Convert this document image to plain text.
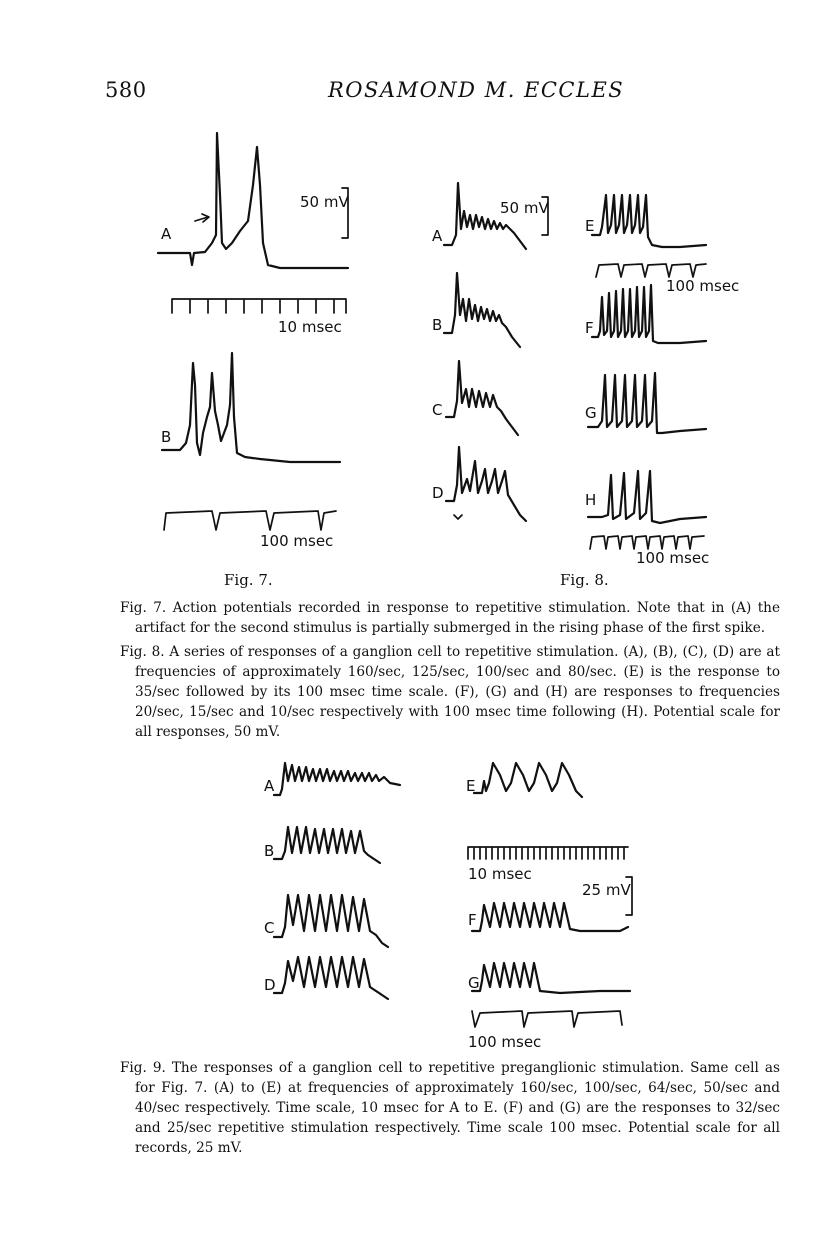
580	ROSAMOND M. ECCLES
A
50 mV
10 msec
B
100 msec
A
50 mV
B
C
D
E
100 msec
F
G
H
100 msec
Fig. 7.	Fig. 8.
Fig. 7. Action potentials recorded in response to repetitive stimulation. Note that in (A) the artifact for the second stimulus is partially submerged in the rising phase of the first spike.
Fig. 8. A series of responses of a ganglion cell to repetitive stimulation. (A), (B), (C), (D) are at frequencies of approximately 160/sec, 125/sec, 100/sec and 80/sec. (E) is the response to 35/sec followed by its 100 msec time scale. (F), (G) and (H) are responses to frequencies 20/sec, 15/sec and 10/sec respectively with 100 msec time following (H). Potential scale for all responses, 50 mV.
A
B
C
D
E
10 msec
25 mV
F
G
100 msec
Fig. 9. The responses of a ganglion cell to repetitive preganglionic stimulation. Same cell as for Fig. 7. (A) to (E) at frequencies of approximately 160/sec, 100/sec, 64/sec, 50/sec and 40/sec respectively. Time scale, 10 msec for A to E. (F) and (G) are the responses to 32/sec and 25/sec repetitive stimulation respectively. Time scale 100 msec. Potential scale for all records, 25 mV.
